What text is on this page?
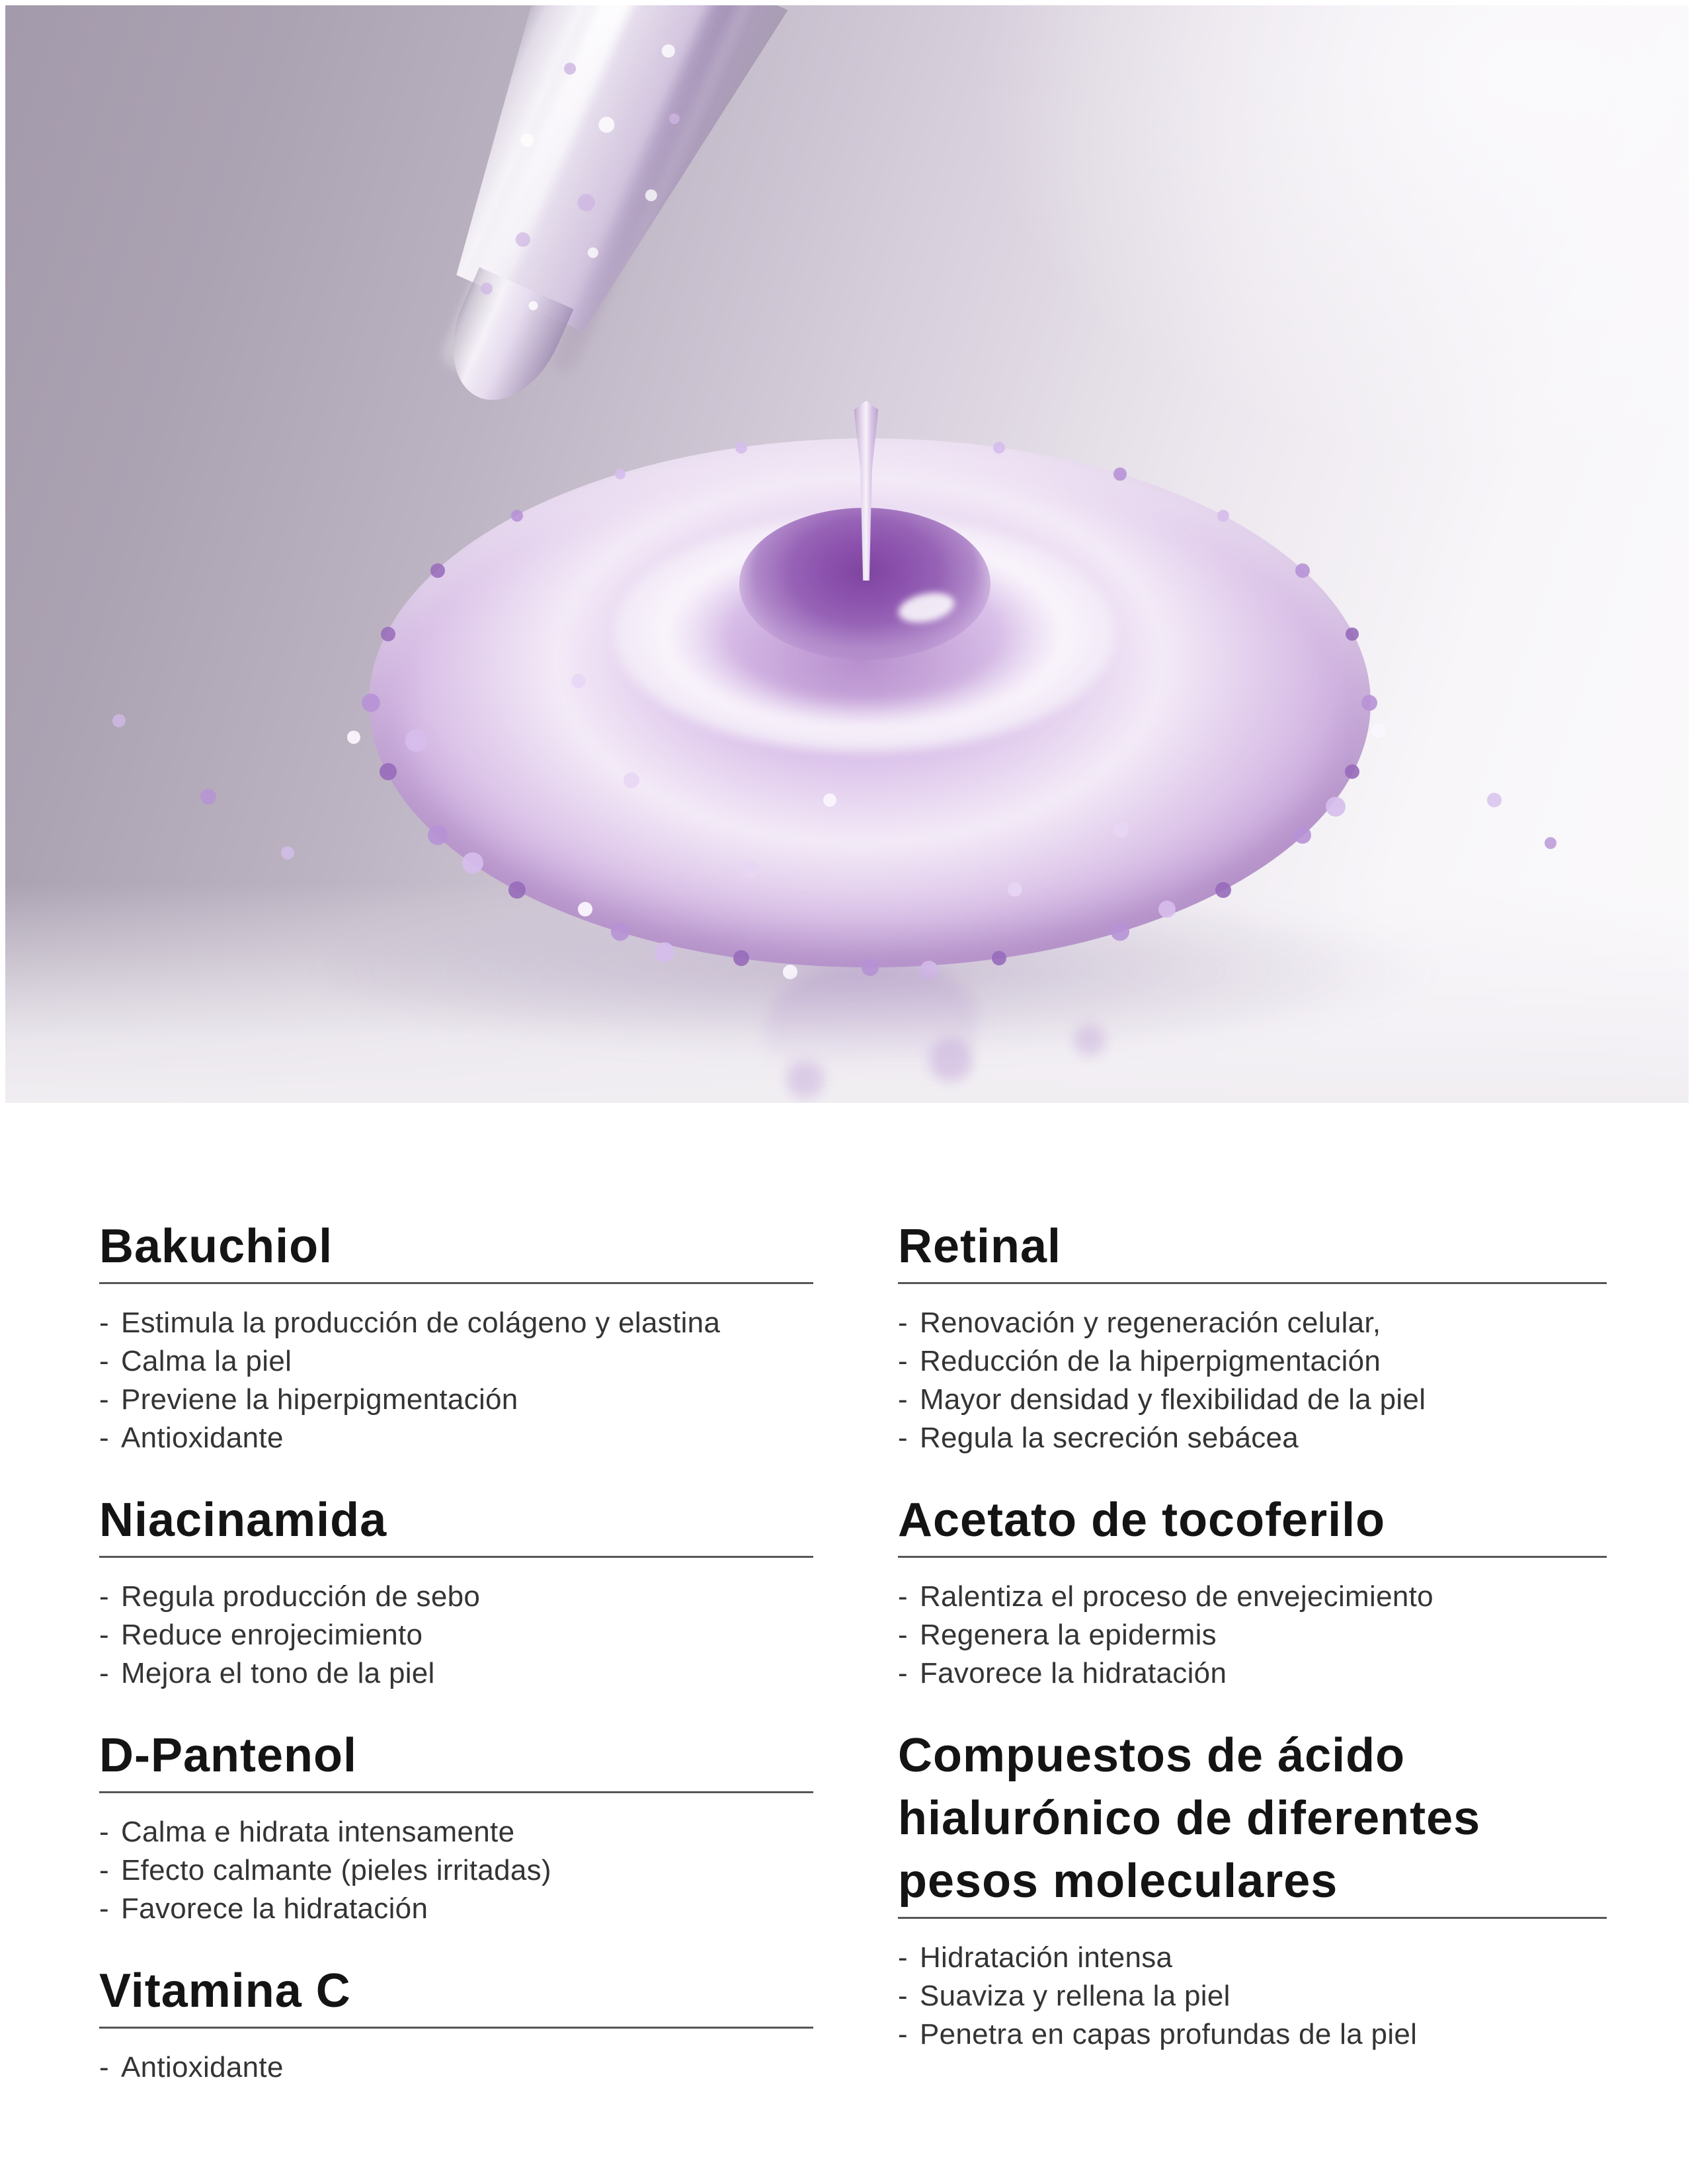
Bakuchiol
- Estimula la producción de colágeno y elastina
- Calma la piel
- Previene la hiperpigmentación
- Antioxidante
Niacinamida
- Regula producción de sebo
- Reduce enrojecimiento
- Mejora el tono de la piel
D-Pantenol
- Calma e hidrata intensamente
- Efecto calmante (pieles irritadas)
- Favorece la hidratación
Vitamina C
- Antioxidante
Retinal
- Renovación y regeneración celular,
- Reducción de la hiperpigmentación
- Mayor densidad y flexibilidad de la piel
- Regula la secreción sebácea
Acetato de tocoferilo
- Ralentiza el proceso de envejecimiento
- Regenera la epidermis
- Favorece la hidratación
Compuestos de ácido hialurónico de diferentes pesos moleculares
- Hidratación intensa
- Suaviza y rellena la piel
- Penetra en capas profundas de la piel
